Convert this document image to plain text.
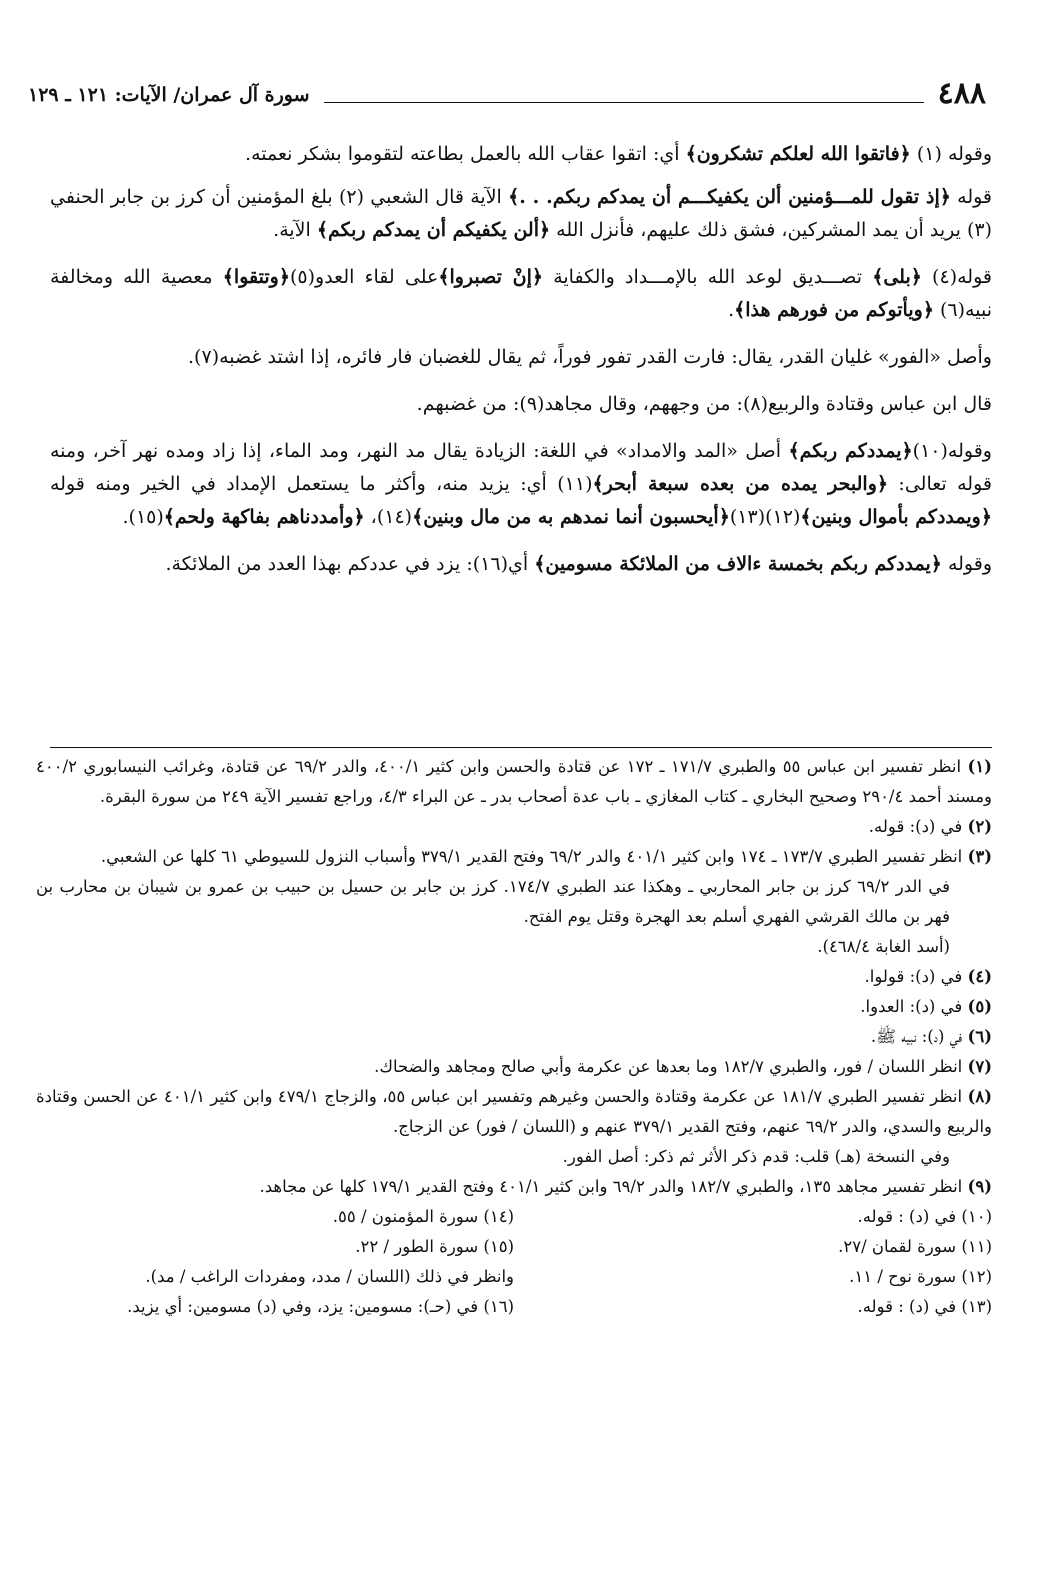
٤٨٨
سورة آل عمران/ الآيات: ١٢١ ـ ١٢٩

وقوله (١) ﴿فاتقوا الله لعلكم تشكرون﴾ أي: اتقوا عقاب الله بالعمل بطاعته لتقوموا بشكر نعمته.

قوله ﴿إذ تقول للمـــؤمنين ألن يكفيكـــم أن يمدكم ربكم. . .﴾ الآية قال الشعبي (٢) بلغ المؤمنين أن كرز بن جابر الحنفي (٣) يريد أن يمد المشركين، فشق ذلك عليهم، فأنزل الله ﴿ألن يكفيكم أن يمدكم ربكم﴾ الآية.

قوله(٤) ﴿بلى﴾ تصـــديق لوعد الله بالإمـــداد والكفاية ﴿إنْ تصبروا﴾على لقاء العدو(٥)﴿وتتقوا﴾ معصية الله ومخالفة نبيه(٦) ﴿ويأتوكم من فورهم هذا﴾.

وأصل «الفور» غليان القدر، يقال: فارت القدر تفور فوراً، ثم يقال للغضبان فار فائره، إذا اشتد غضبه(٧).

قال ابن عباس وقتادة والربيع(٨): من وجههم، وقال مجاهد(٩): من غضبهم.

وقوله(١٠)﴿يمددكم ربكم﴾ أصل «المد والامداد» في اللغة: الزيادة يقال مد النهر، ومد الماء، إذا زاد ومده نهر آخر، ومنه قوله تعالى: ﴿والبحر يمده من بعده سبعة أبحر﴾(١١) أي: يزيد منه، وأكثر ما يستعمل الإمداد في الخير ومنه قوله ﴿ويمددكم بأموال وبنين﴾(١٢)(١٣)﴿أيحسبون أنما نمدهم به من مال وبنين﴾(١٤)، ﴿وأمددناهم بفاكهة ولحم﴾(١٥).

وقوله ﴿يمددكم ربكم بخمسة ءالاف من الملائكة مسومين﴾ أي(١٦): يزد في عددكم بهذا العدد من الملائكة.

(١) انظر تفسير ابن عباس ٥٥ والطبري ١٧١/٧ ـ ١٧٢ عن قتادة والحسن وابن كثير ٤٠٠/١، والدر ٦٩/٢ عن قتادة، وغرائب النيسابوري ٤٠٠/٢ ومسند أحمد ٢٩٠/٤ وصحيح البخاري ـ كتاب المغازي ـ باب عدة أصحاب بدر ـ عن البراء ٤/٣، وراجع تفسير الآية ٢٤٩ من سورة البقرة.

(٢) في (د): قوله.

(٣) انظر تفسير الطبري ١٧٣/٧ ـ ١٧٤ وابن كثير ٤٠١/١ والدر ٦٩/٢ وفتح القدير ٣٧٩/١ وأسباب النزول للسيوطي ٦١ كلها عن الشعبي.

في الدر ٦٩/٢ كرز بن جابر المحاربي ـ وهكذا عند الطبري ١٧٤/٧. كرز بن جابر بن حسيل بن حبيب بن عمرو بن شيبان بن محارب بن فهر بن مالك القرشي الفهري أسلم بعد الهجرة وقتل يوم الفتح.

(أسد الغابة ٤٦٨/٤).

(٤) في (د): قولوا.

(٥) في (د): العدوا.

(٦) في (د): نبيه ﷺ.

(٧) انظر اللسان / فور، والطبري ١٨٢/٧ وما بعدها عن عكرمة وأبي صالح ومجاهد والضحاك.

(٨) انظر تفسير الطبري ١٨١/٧ عن عكرمة وقتادة والحسن وغيرهم وتفسير ابن عباس ٥٥، والزجاج ٤٧٩/١ وابن كثير ٤٠١/١ عن الحسن وقتادة والربيع والسدي، والدر ٦٩/٢ عنهم، وفتح القدير ٣٧٩/١ عنهم و (اللسان / فور) عن الزجاج.

وفي النسخة (هـ) قلب: قدم ذكر الأثر ثم ذكر: أصل الفور.

(٩) انظر تفسير مجاهد ١٣٥، والطبري ١٨٢/٧ والدر ٦٩/٢ وابن كثير ٤٠١/١ وفتح القدير ١٧٩/١ كلها عن مجاهد.

(١٠) في (د) : قوله.

(١١) سورة لقمان /٢٧.

(١٢) سورة نوح / ١١.

(١٣) في (د) : قوله.

(١٤) سورة المؤمنون / ٥٥.

(١٥) سورة الطور / ٢٢.

وانظر في ذلك (اللسان / مدد، ومفردات الراغب / مد).

(١٦) في (حـ): مسومين: يزد، وفي (د) مسومين: أي يزيد.
